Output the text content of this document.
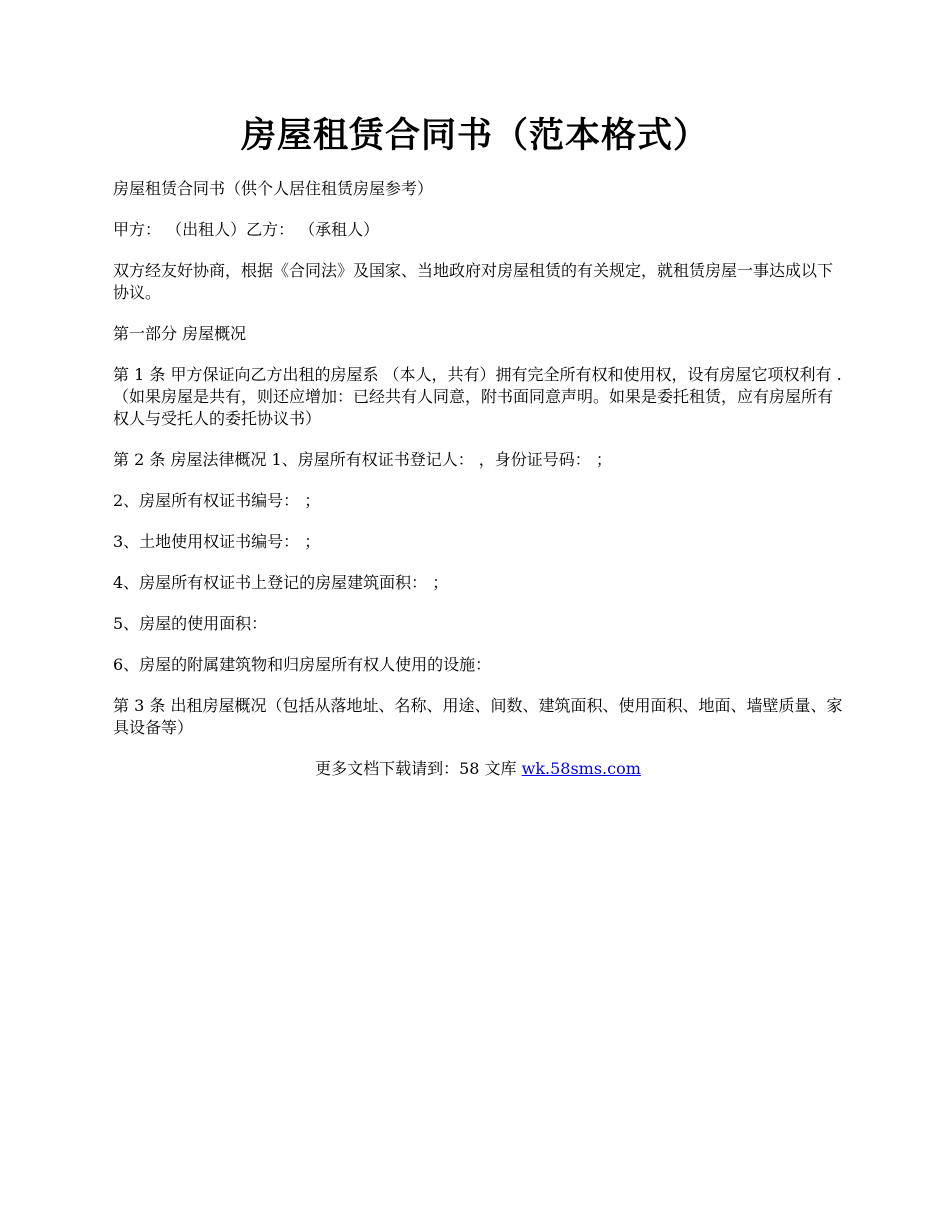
房屋租赁合同书（范本格式）

房屋租赁合同书（供个人居住租赁房屋参考）

甲方： （出租人）乙方： （承租人）

双方经友好协商，根据《合同法》及国家、当地政府对房屋租赁的有关规定，就租赁房屋一事达成以下协议。

第一部分 房屋概况

第 1 条 甲方保证向乙方出租的房屋系 （本人，共有）拥有完全所有权和使用权，设有房屋它项权利有 .（如果房屋是共有，则还应增加：已经共有人同意，附书面同意声明。如果是委托租赁，应有房屋所有权人与受托人的委托协议书）

第 2 条 房屋法律概况 1、房屋所有权证书登记人： ，身份证号码： ；

2、房屋所有权证书编号： ；

3、土地使用权证书编号： ；

4、房屋所有权证书上登记的房屋建筑面积： ；

5、房屋的使用面积：

6、房屋的附属建筑物和归房屋所有权人使用的设施：

第 3 条 出租房屋概况（包括从落地址、名称、用途、间数、建筑面积、使用面积、地面、墙壁质量、家具设备等）

更多文档下载请到：58 文库 wk.58sms.com
